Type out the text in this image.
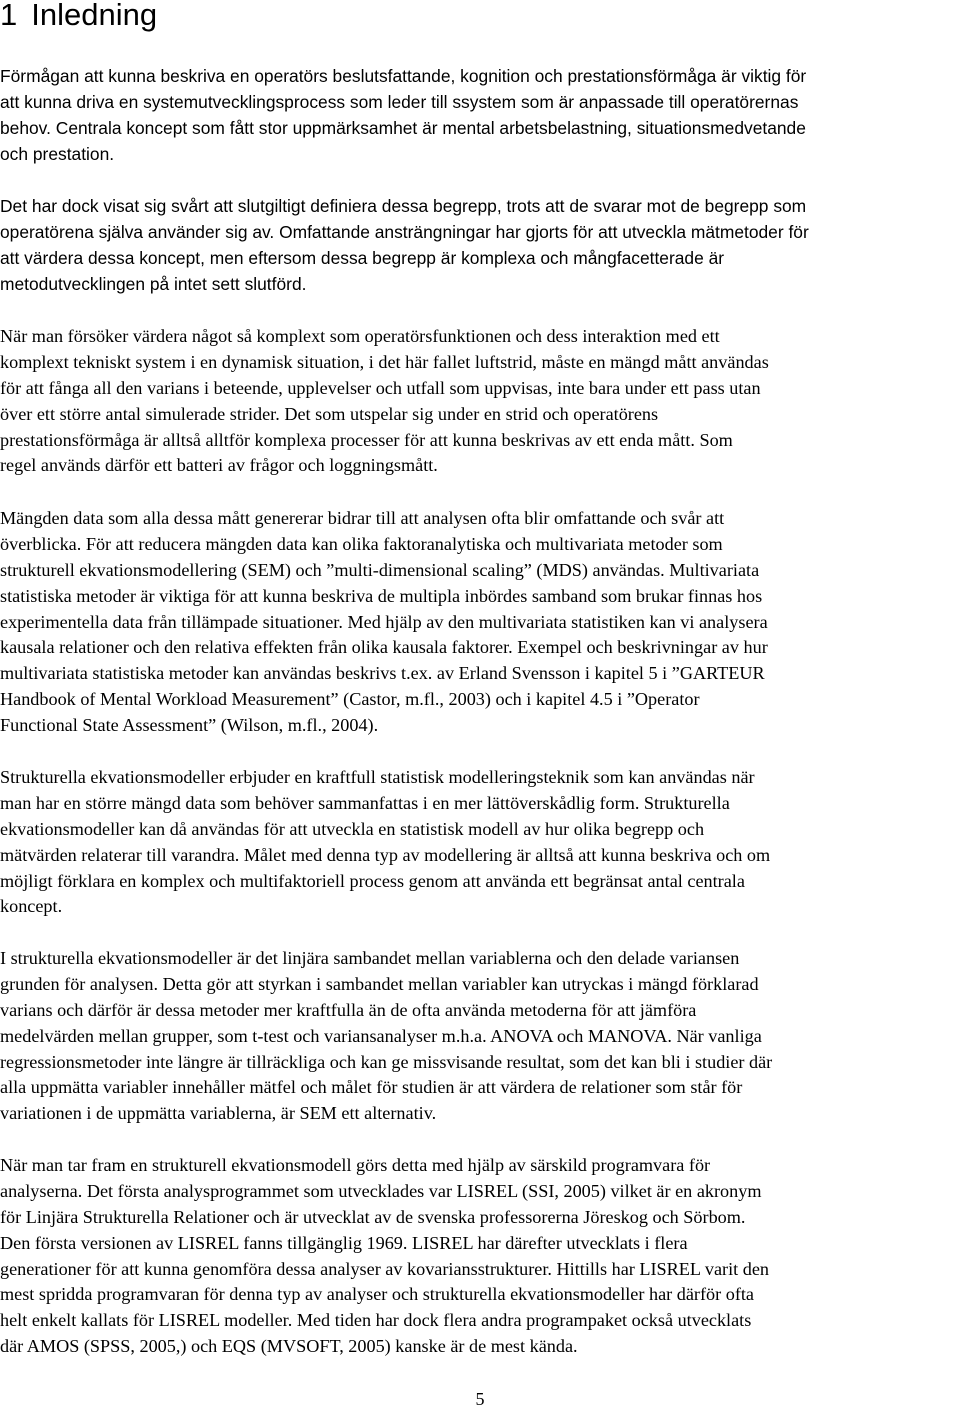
1 Inledning

Förmågan att kunna beskriva en operatörs beslutsfattande, kognition och prestationsförmåga är viktig för
att kunna driva en systemutvecklingsprocess som leder till ssystem som är anpassade till operatörernas
behov. Centrala koncept som fått stor uppmärksamhet är mental arbetsbelastning, situationsmedvetande
och prestation.

Det har dock visat sig svårt att slutgiltigt definiera dessa begrepp, trots att de svarar mot de begrepp som
operatörena själva använder sig av. Omfattande ansträngningar har gjorts för att utveckla mätmetoder för
att värdera dessa koncept, men eftersom dessa begrepp är komplexa och mångfacetterade är
metodutvecklingen på intet sett slutförd.

När man försöker värdera något så komplext som operatörsfunktionen och dess interaktion med ett
komplext tekniskt system i en dynamisk situation, i det här fallet luftstrid, måste en mängd mått användas
för att fånga all den varians i beteende, upplevelser och utfall som uppvisas, inte bara under ett pass utan
över ett större antal simulerade strider. Det som utspelar sig under en strid och operatörens
prestationsförmåga är alltså alltför komplexa processer för att kunna beskrivas av ett enda mått. Som
regel används därför ett batteri av frågor och loggningsmått.

Mängden data som alla dessa mått genererar bidrar till att analysen ofta blir omfattande och svår att
överblicka. För att reducera mängden data kan olika faktoranalytiska och multivariata metoder som
strukturell ekvationsmodellering (SEM) och ”multi-dimensional scaling” (MDS) användas. Multivariata
statistiska metoder är viktiga för att kunna beskriva de multipla inbördes samband som brukar finnas hos
experimentella data från tillämpade situationer. Med hjälp av den multivariata statistiken kan vi analysera
kausala relationer och den relativa effekten från olika kausala faktorer. Exempel och beskrivningar av hur
multivariata statistiska metoder kan användas beskrivs t.ex. av Erland Svensson i kapitel 5 i ”GARTEUR
Handbook of Mental Workload Measurement” (Castor, m.fl., 2003) och i kapitel 4.5 i ”Operator
Functional State Assessment” (Wilson, m.fl., 2004).

Strukturella ekvationsmodeller erbjuder en kraftfull statistisk modelleringsteknik som kan användas när
man har en större mängd data som behöver sammanfattas i en mer lättöverskådlig form. Strukturella
ekvationsmodeller kan då användas för att utveckla en statistisk modell av hur olika begrepp och
mätvärden relaterar till varandra. Målet med denna typ av modellering är alltså att kunna beskriva och om
möjligt förklara en komplex och multifaktoriell process genom att använda ett begränsat antal centrala
koncept.

I strukturella ekvationsmodeller är det linjära sambandet mellan variablerna och den delade variansen
grunden för analysen. Detta gör att styrkan i sambandet mellan variabler kan utryckas i mängd förklarad
varians och därför är dessa metoder mer kraftfulla än de ofta använda metoderna för att jämföra
medelvärden mellan grupper, som t-test och variansanalyser m.h.a. ANOVA och MANOVA. När vanliga
regressionsmetoder inte längre är tillräckliga och kan ge missvisande resultat, som det kan bli i studier där
alla uppmätta variabler innehåller mätfel och målet för studien är att värdera de relationer som står för
variationen i de uppmätta variablerna, är SEM ett alternativ.

När man tar fram en strukturell ekvationsmodell görs detta med hjälp av särskild programvara för
analyserna. Det första analysprogrammet som utvecklades var LISREL (SSI, 2005) vilket är en akronym
för Linjära Strukturella Relationer och är utvecklat av de svenska professorerna Jöreskog och Sörbom.
Den första versionen av LISREL fanns tillgänglig 1969. LISREL har därefter utvecklats i flera
generationer för att kunna genomföra dessa analyser av kovariansstrukturer. Hittills har LISREL varit den
mest spridda programvaran för denna typ av analyser och strukturella ekvationsmodeller har därför ofta
helt enkelt kallats för LISREL modeller. Med tiden har dock flera andra programpaket också utvecklats
där AMOS (SPSS, 2005,) och EQS (MVSOFT, 2005) kanske är de mest kända.

5
